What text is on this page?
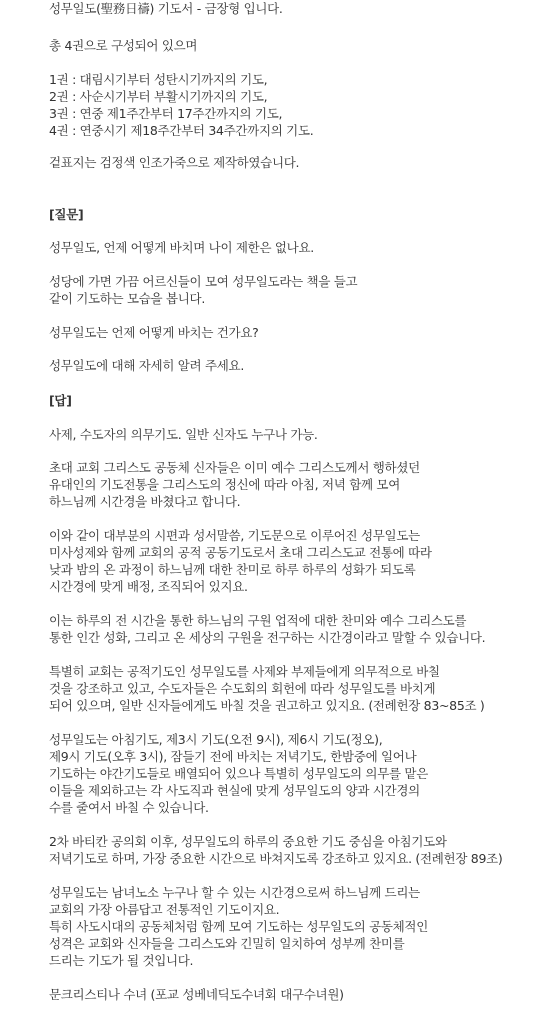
성무일도(聖務日禱) 기도서 - 금장형 입니다.
총 4권으로 구성되어 있으며
1권 : 대림시기부터 성탄시기까지의 기도,
2권 : 사순시기부터 부활시기까지의 기도,
3권 : 연중 제1주간부터 17주간까지의 기도,
4권 : 연중시기 제18주간부터 34주간까지의 기도.
겉표지는 검정색 인조가죽으로 제작하였습니다.
[질문]
성무일도, 언제 어떻게 바치며 나이 제한은 없나요.
성당에 가면 가끔 어르신들이 모여 성무일도라는 책을 들고
같이 기도하는 모습을 봅니다.
성무일도는 언제 어떻게 바치는 건가요?
성무일도에 대해 자세히 알려 주세요.
[답]
사제, 수도자의 의무기도. 일반 신자도 누구나 가능.
초대 교회 그리스도 공동체 신자들은 이미 예수 그리스도께서 행하셨던
유대인의 기도전통을 그리스도의 정신에 따라 아침, 저녁 함께 모여
하느님께 시간경을 바쳤다고 합니다.
이와 같이 대부분의 시편과 성서말씀, 기도문으로 이루어진 성무일도는
미사성제와 함께 교회의 공적 공동기도로서 초대 그리스도교 전통에 따라
낮과 밤의 온 과정이 하느님께 대한 찬미로 하루 하루의 성화가 되도록
시간경에 맞게 배정, 조직되어 있지요.
이는 하루의 전 시간을 통한 하느님의 구원 업적에 대한 찬미와 예수 그리스도를
통한 인간 성화, 그리고 온 세상의 구원을 전구하는 시간경이라고 말할 수 있습니다.
특별히 교회는 공적기도인 성무일도를 사제와 부제들에게 의무적으로 바칠
것을 강조하고 있고, 수도자들은 수도회의 회헌에 따라 성무일도를 바치게
되어 있으며, 일반 신자들에게도 바칠 것을 권고하고 있지요. (전례헌장 83~85조 )
성무일도는 아침기도, 제3시 기도(오전 9시), 제6시 기도(정오),
제9시 기도(오후 3시), 잠들기 전에 바치는 저녁기도, 한밤중에 일어나
기도하는 야간기도들로 배열되어 있으나 특별히 성무일도의 의무를 맡은
이들을 제외하고는 각 사도직과 현실에 맞게 성무일도의 양과 시간경의
수를 줄여서 바칠 수 있습니다.
2차 바티칸 공의회 이후, 성무일도의 하루의 중요한 기도 중심을 아침기도와
저녁기도로 하며, 가장 중요한 시간으로 바쳐지도록 강조하고 있지요. (전례헌장 89조)
성무일도는 남녀노소 누구나 할 수 있는 시간경으로써 하느님께 드리는
교회의 가장 아름답고 전통적인 기도이지요.
특히 사도시대의 공동체처럼 함께 모여 기도하는 성무일도의 공동체적인
성격은 교회와 신자들을 그리스도와 긴밀히 일치하여 성부께 찬미를
드리는 기도가 될 것입니다.
문크리스티나 수녀 (포교 성베네딕도수녀회 대구수녀원)
